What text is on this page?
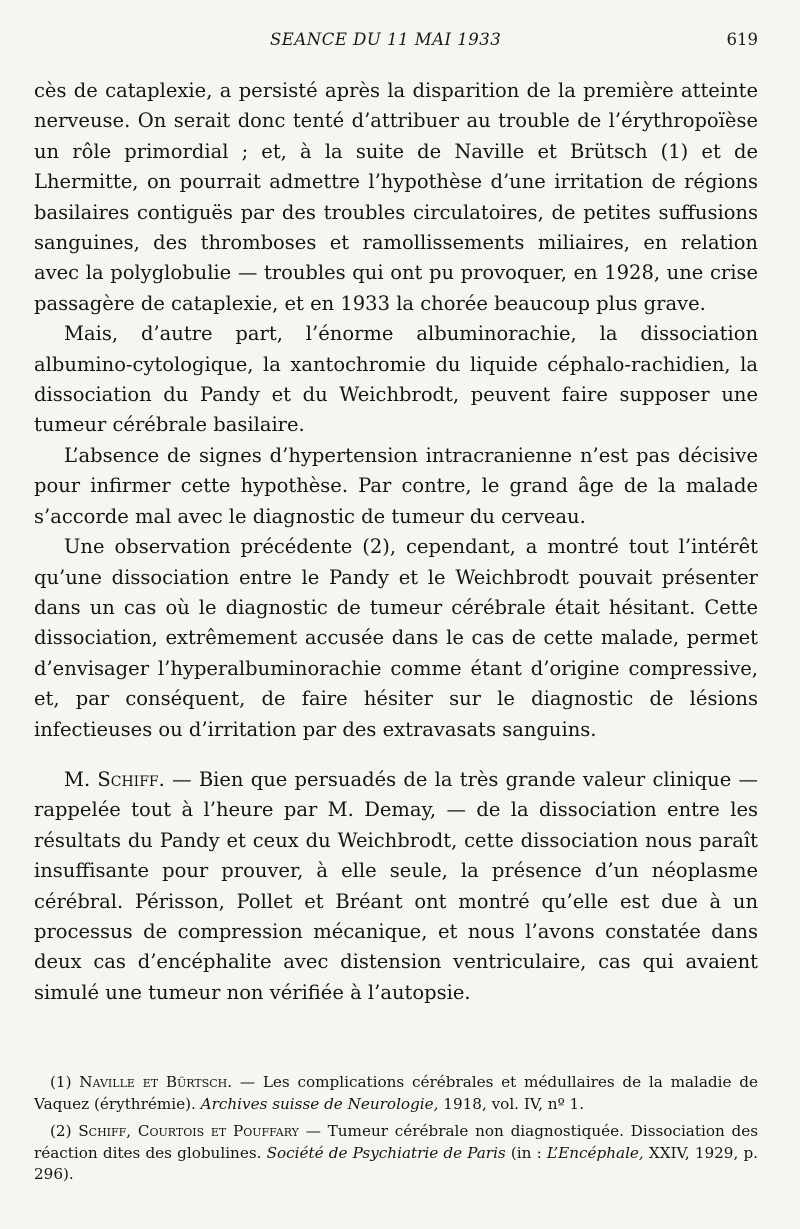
SEANCE DU 11 MAI 1933	619

cès de cataplexie, a persisté après la disparition de la première atteinte nerveuse. On serait donc tenté d’attribuer au trouble de l’érythropoïèse un rôle primordial ; et, à la suite de Naville et Brütsch (1) et de Lhermitte, on pourrait admettre l’hypothèse d’une irritation de régions basilaires contiguës par des troubles circulatoires, de petites suffusions sanguines, des thromboses et ramollissements miliaires, en relation avec la polyglobulie — troubles qui ont pu provoquer, en 1928, une crise passagère de cataplexie, et en 1933 la chorée beaucoup plus grave.

Mais, d’autre part, l’énorme albuminorachie, la dissociation albumino-cytologique, la xantochromie du liquide céphalo-rachidien, la dissociation du Pandy et du Weichbrodt, peuvent faire supposer une tumeur cérébrale basilaire.

L’absence de signes d’hypertension intracranienne n’est pas décisive pour infirmer cette hypothèse. Par contre, le grand âge de la malade s’accorde mal avec le diagnostic de tumeur du cerveau.

Une observation précédente (2), cependant, a montré tout l’intérêt qu’une dissociation entre le Pandy et le Weichbrodt pouvait présenter dans un cas où le diagnostic de tumeur cérébrale était hésitant. Cette dissociation, extrêmement accusée dans le cas de cette malade, permet d’envisager l’hyperalbuminorachie comme étant d’origine compressive, et, par conséquent, de faire hésiter sur le diagnostic de lésions infectieuses ou d’irritation par des extravasats sanguins.

M. Schiff. — Bien que persuadés de la très grande valeur clinique — rappelée tout à l’heure par M. Demay, — de la dissociation entre les résultats du Pandy et ceux du Weichbrodt, cette dissociation nous paraît insuffisante pour prouver, à elle seule, la présence d’un néoplasme cérébral. Périsson, Pollet et Bréant ont montré qu’elle est due à un processus de compression mécanique, et nous l’avons constatée dans deux cas d’encéphalite avec distension ventriculaire, cas qui avaient simulé une tumeur non vérifiée à l’autopsie.

(1) Naville et Bürtsch. — Les complications cérébrales et médullaires de la maladie de Vaquez (érythrémie). Archives suisse de Neurologie, 1918, vol. IV, nº 1.

(2) Schiff, Courtois et Pouffary — Tumeur cérébrale non diagnostiquée. Dissociation des réaction dites des globulines. Société de Psychiatrie de Paris (in : L’Encéphale, XXIV, 1929, p. 296).
